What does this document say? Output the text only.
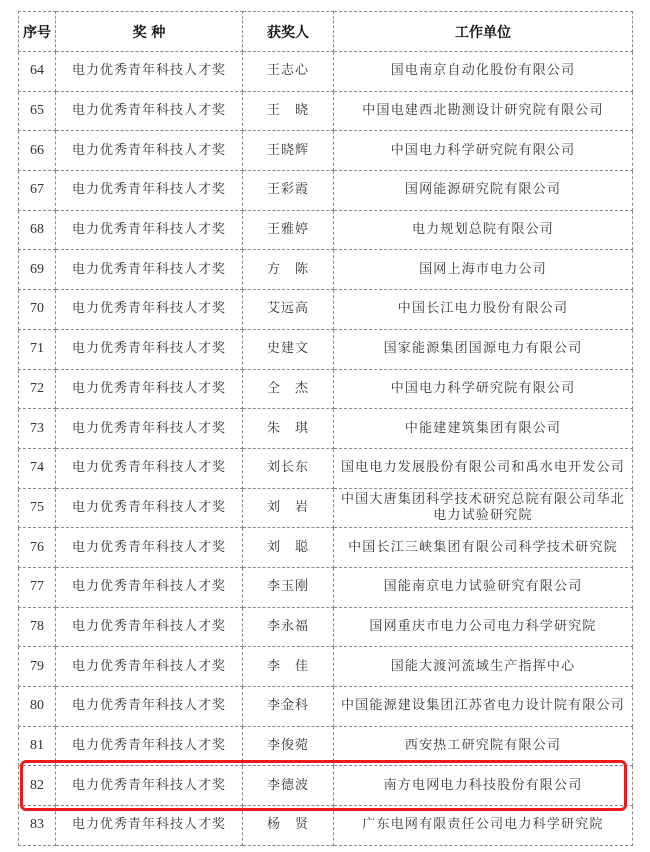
序号	奖 种	获奖人	工作单位
64	电力优秀青年科技人才奖	王志心	国电南京自动化股份有限公司
65	电力优秀青年科技人才奖	王　晓	中国电建西北勘测设计研究院有限公司
66	电力优秀青年科技人才奖	王晓辉	中国电力科学研究院有限公司
67	电力优秀青年科技人才奖	王彩霞	国网能源研究院有限公司
68	电力优秀青年科技人才奖	王雅婷	电力规划总院有限公司
69	电力优秀青年科技人才奖	方　陈	国网上海市电力公司
70	电力优秀青年科技人才奖	艾远高	中国长江电力股份有限公司
71	电力优秀青年科技人才奖	史建文	国家能源集团国源电力有限公司
72	电力优秀青年科技人才奖	仝　杰	中国电力科学研究院有限公司
73	电力优秀青年科技人才奖	朱　琪	中能建建筑集团有限公司
74	电力优秀青年科技人才奖	刘长东	国电电力发展股份有限公司和禹水电开发公司
75	电力优秀青年科技人才奖	刘　岩	中国大唐集团科学技术研究总院有限公司华北电力试验研究院
76	电力优秀青年科技人才奖	刘　聪	中国长江三峡集团有限公司科学技术研究院
77	电力优秀青年科技人才奖	李玉刚	国能南京电力试验研究有限公司
78	电力优秀青年科技人才奖	李永福	国网重庆市电力公司电力科学研究院
79	电力优秀青年科技人才奖	李　佳	国能大渡河流域生产指挥中心
80	电力优秀青年科技人才奖	李金科	中国能源建设集团江苏省电力设计院有限公司
81	电力优秀青年科技人才奖	李俊菀	西安热工研究院有限公司
82	电力优秀青年科技人才奖	李德波	南方电网电力科技股份有限公司
83	电力优秀青年科技人才奖	杨　贤	广东电网有限责任公司电力科学研究院
